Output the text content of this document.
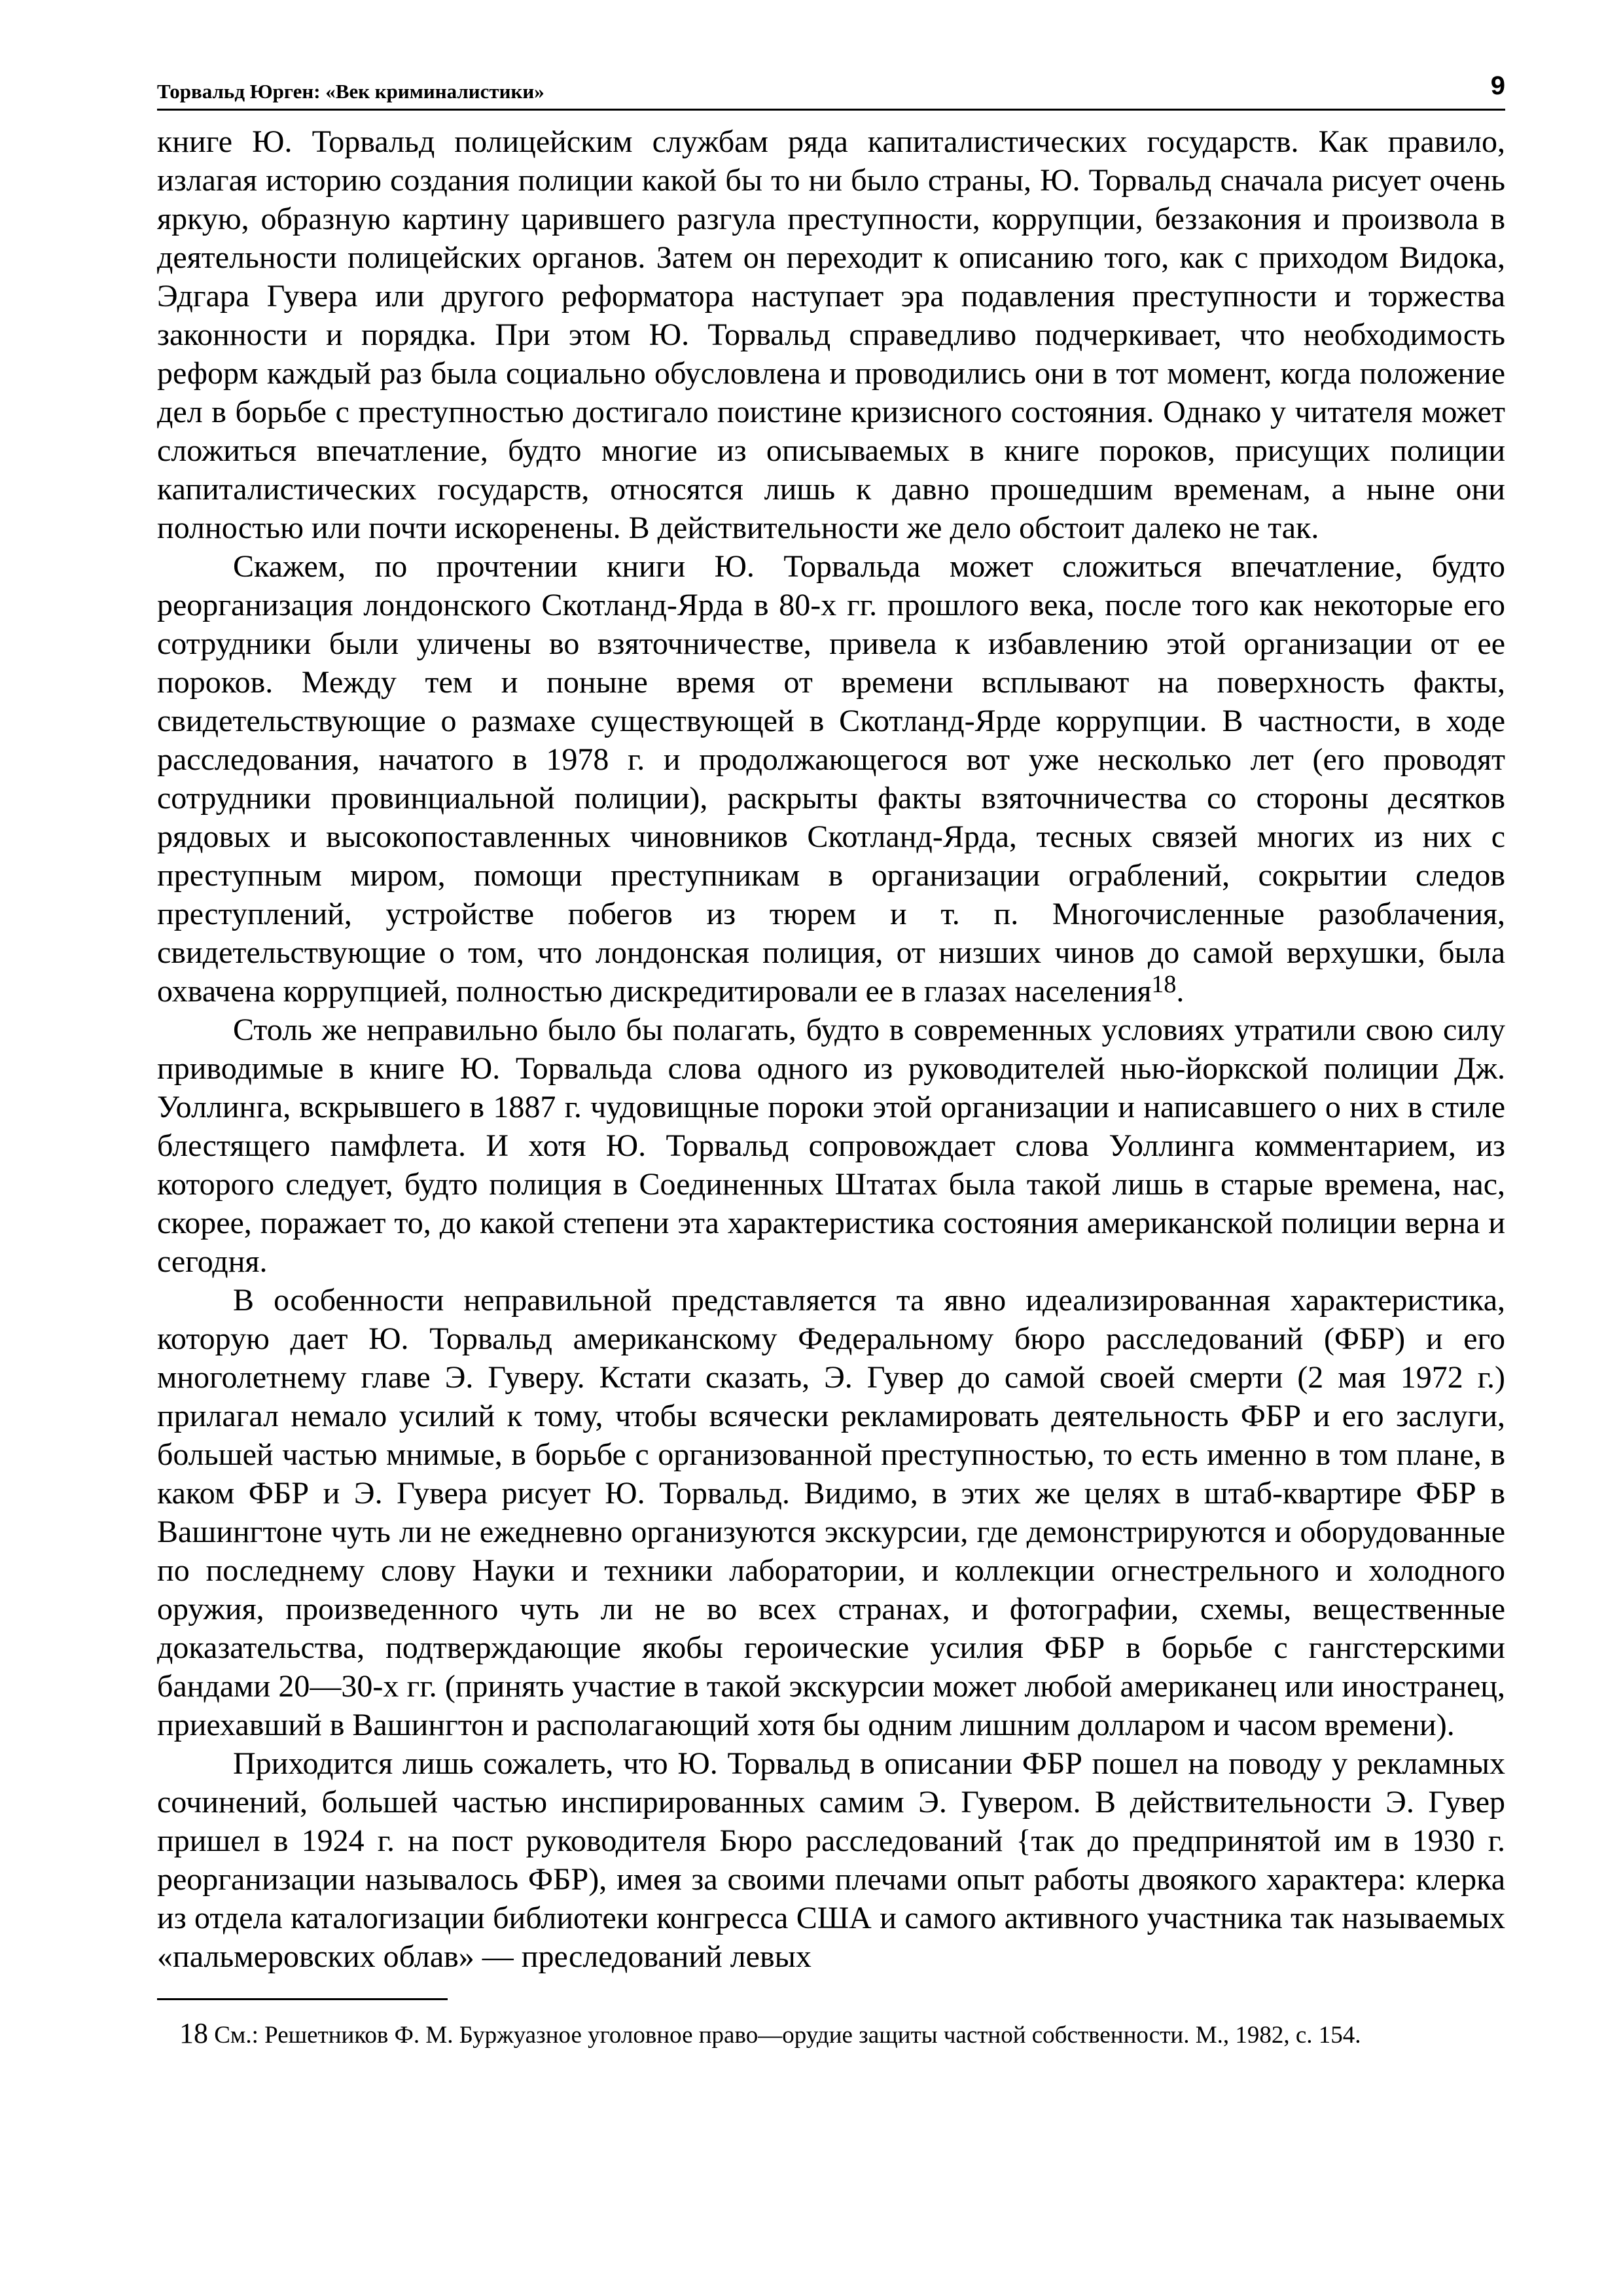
Торвальд Юрген: «Век криминалистики»	9

книге Ю. Торвальд полицейским службам ряда капиталистических государств. Как правило, излагая историю создания полиции какой бы то ни было страны, Ю. Торвальд сначала рисует очень яркую, образную картину царившего разгула преступности, коррупции, беззакония и произвола в деятельности полицейских органов. Затем он переходит к описанию того, как с приходом Видока, Эдгара Гувера или другого реформатора наступает эра подавления преступности и торжества законности и порядка. При этом Ю. Торвальд справедливо подчеркивает, что необходимость реформ каждый раз была социально обусловлена и проводились они в тот момент, когда положение дел в борьбе с преступностью достигало поистине кризисного состояния. Однако у читателя может сложиться впечатление, будто многие из описываемых в книге пороков, присущих полиции капиталистических государств, относятся лишь к давно прошедшим временам, а ныне они полностью или почти искоренены. В действительности же дело обстоит далеко не так.

Скажем, по прочтении книги Ю. Торвальда может сложиться впечатление, будто реорганизация лондонского Скотланд-Ярда в 80-х гг. прошлого века, после того как некоторые его сотрудники были уличены во взяточничестве, привела к избавлению этой организации от ее пороков. Между тем и поныне время от времени всплывают на поверхность факты, свидетельствующие о размахе существующей в Скотланд-Ярде коррупции. В частности, в ходе расследования, начатого в 1978 г. и продолжающегося вот уже несколько лет (его проводят сотрудники провинциальной полиции), раскрыты факты взяточничества со стороны десятков рядовых и высокопоставленных чиновников Скотланд-Ярда, тесных связей многих из них с преступным миром, помощи преступникам в организации ограблений, сокрытии следов преступлений, устройстве побегов из тюрем и т. п. Многочисленные разоблачения, свидетельствующие о том, что лондонская полиция, от низших чинов до самой верхушки, была охвачена коррупцией, полностью дискредитировали ее в глазах населения$^{18}$.

Столь же неправильно было бы полагать, будто в современных условиях утратили свою силу приводимые в книге Ю. Торвальда слова одного из руководителей нью-йоркской полиции Дж. Уоллинга, вскрывшего в 1887 г. чудовищные пороки этой организации и написавшего о них в стиле блестящего памфлета. И хотя Ю. Торвальд сопровождает слова Уоллинга комментарием, из которого следует, будто полиция в Соединенных Штатах была такой лишь в старые времена, нас, скорее, поражает то, до какой степени эта характеристика состояния американской полиции верна и сегодня.

В особенности неправильной представляется та явно идеализированная характеристика, которую дает Ю. Торвальд американскому Федеральному бюро расследований (ФБР) и его многолетнему главе Э. Гуверу. Кстати сказать, Э. Гувер до самой своей смерти (2 мая 1972 г.) прилагал немало усилий к тому, чтобы всячески рекламировать деятельность ФБР и его заслуги, большей частью мнимые, в борьбе с организованной преступностью, то есть именно в том плане, в каком ФБР и Э. Гувера рисует Ю. Торвальд. Видимо, в этих же целях в штаб-квартире ФБР в Вашингтоне чуть ли не ежедневно организуются экскурсии, где демонстрируются и оборудованные по последнему слову Науки и техники лаборатории, и коллекции огнестрельного и холодного оружия, произведенного чуть ли не во всех странах, и фотографии, схемы, вещественные доказательства, подтверждающие якобы героические усилия ФБР в борьбе с гангстерскими бандами 20—30-х гг. (принять участие в такой экскурсии может любой американец или иностранец, приехавший в Вашингтон и располагающий хотя бы одним лишним долларом и часом времени).

Приходится лишь сожалеть, что Ю. Торвальд в описании ФБР пошел на поводу у рекламных сочинений, большей частью инспирированных самим Э. Гувером. В действительности Э. Гувер пришел в 1924 г. на пост руководителя Бюро расследований {так до предпринятой им в 1930 г. реорганизации называлось ФБР), имея за своими плечами опыт работы двоякого характера: клерка из отдела каталогизации библиотеки конгресса США и самого активного участника так называемых «пальмеровских облав» — преследований левых

18 См.: Решетников Ф. М. Буржуазное уголовное право—орудие защиты частной собственности. М., 1982, с. 154.
